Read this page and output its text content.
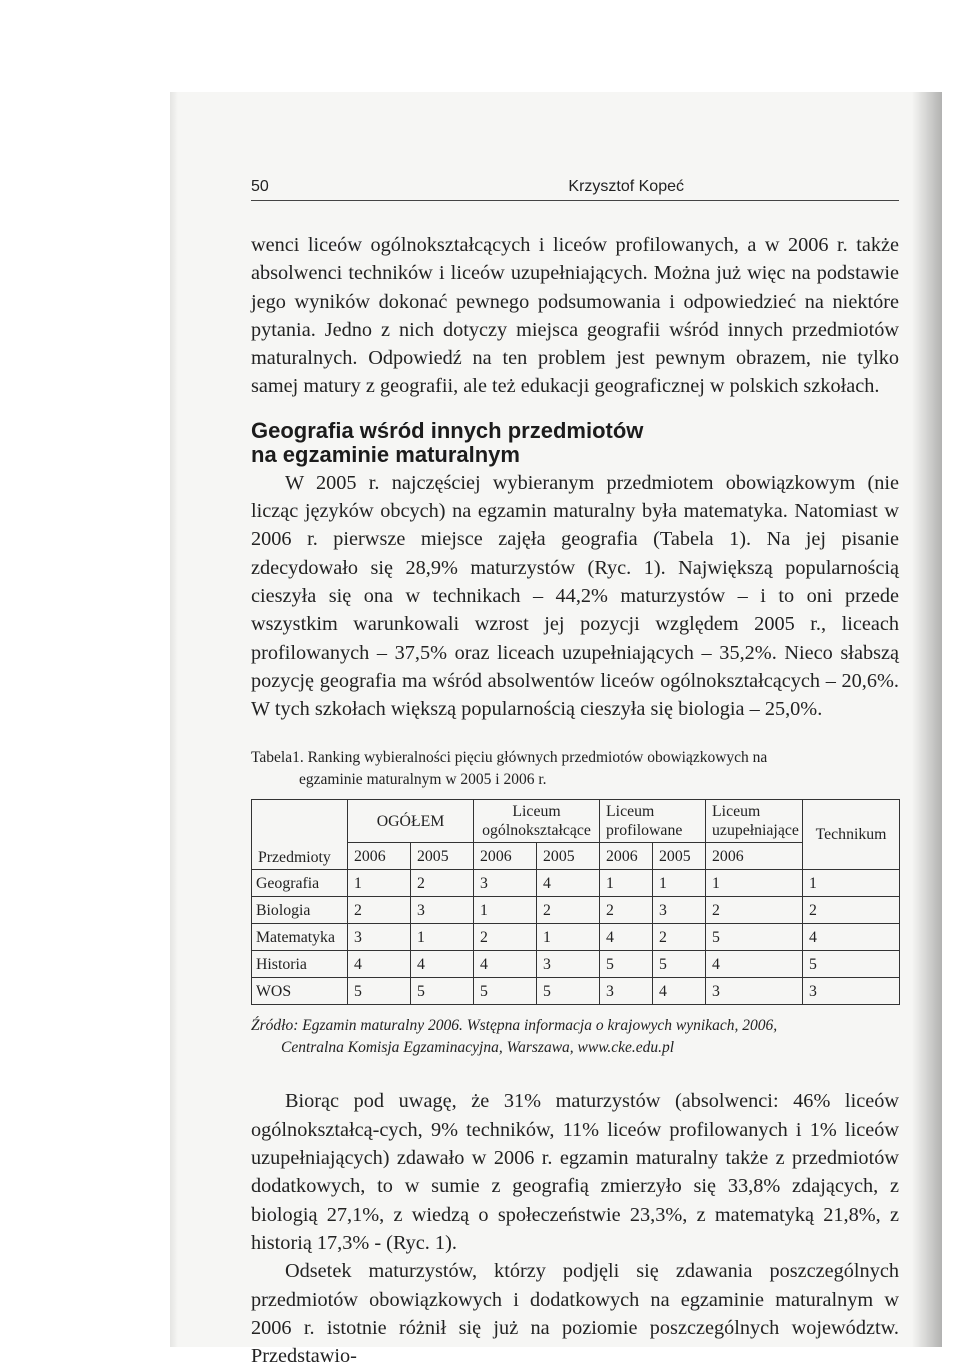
50	Krzysztof Kopeć

wenci liceów ogólnokształcących i liceów profilowanych, a w 2006 r. także absolwenci techników i liceów uzupełniających. Można już więc na podstawie jego wyników dokonać pewnego podsumowania i odpowiedzieć na niektóre pytania. Jedno z nich dotyczy miejsca geografii wśród innych przedmiotów maturalnych. Odpowiedź na ten problem jest pewnym obrazem, nie tylko samej matury z geografii, ale też edukacji geograficznej w polskich szkołach.

Geografia wśród innych przedmiotów
na egzaminie maturalnym

W 2005 r. najczęściej wybieranym przedmiotem obowiązkowym (nie licząc języków obcych) na egzamin maturalny była matematyka. Natomiast w 2006 r. pierwsze miejsce zajęła geografia (Tabela 1). Na jej pisanie zdecydowało się 28,9% maturzystów (Ryc. 1). Największą popularnością cieszyła się ona w technikach – 44,2% maturzystów – i to oni przede wszystkim warunkowali wzrost jej pozycji względem 2005 r., liceach profilowanych – 37,5% oraz liceach uzupełniających – 35,2%. Nieco słabszą pozycję geografia ma wśród absolwentów liceów ogólnokształcących – 20,6%. W tych szkołach większą popularnością cieszyła się biologia – 25,0%.

Tabela1. Ranking wybieralności pięciu głównych przedmiotów obowiązkowych na
egzaminie maturalnym w 2005 i 2006 r.
Przedmioty	OGÓŁEM		Liceum ogólnokształcące		Liceum profilowane		Liceum uzupełniające	Technikum
	2006	2005	2006	2005	2006	2005	2006	
Geografia	1	2	3	4	1	1	1	1
Biologia	2	3	1	2	2	3	2	2
Matematyka	3	1	2	1	4	2	5	4
Historia	4	4	4	3	5	5	4	5
WOS	5	5	5	5	3	4	3	3
Źródło: Egzamin maturalny 2006. Wstępna informacja o krajowych wynikach, 2006,
Centralna Komisja Egzaminacyjna, Warszawa, www.cke.edu.pl

Biorąc pod uwagę, że 31% maturzystów (absolwenci: 46% liceów ogólnokształcą-cych, 9% techników, 11% liceów profilowanych i 1% liceów uzupełniających) zdawało w 2006 r. egzamin maturalny także z przedmiotów dodatkowych, to w sumie z geografią zmierzyło się 33,8% zdających, z biologią 27,1%, z wiedzą o społeczeństwie 23,3%, z matematyką 21,8%, z historią 17,3% - (Ryc. 1).

Odsetek maturzystów, którzy podjęli się zdawania poszczególnych przedmiotów obowiązkowych i dodatkowych na egzaminie maturalnym w 2006 r. istotnie różnił się już na poziomie poszczególnych województw. Przedstawio-
